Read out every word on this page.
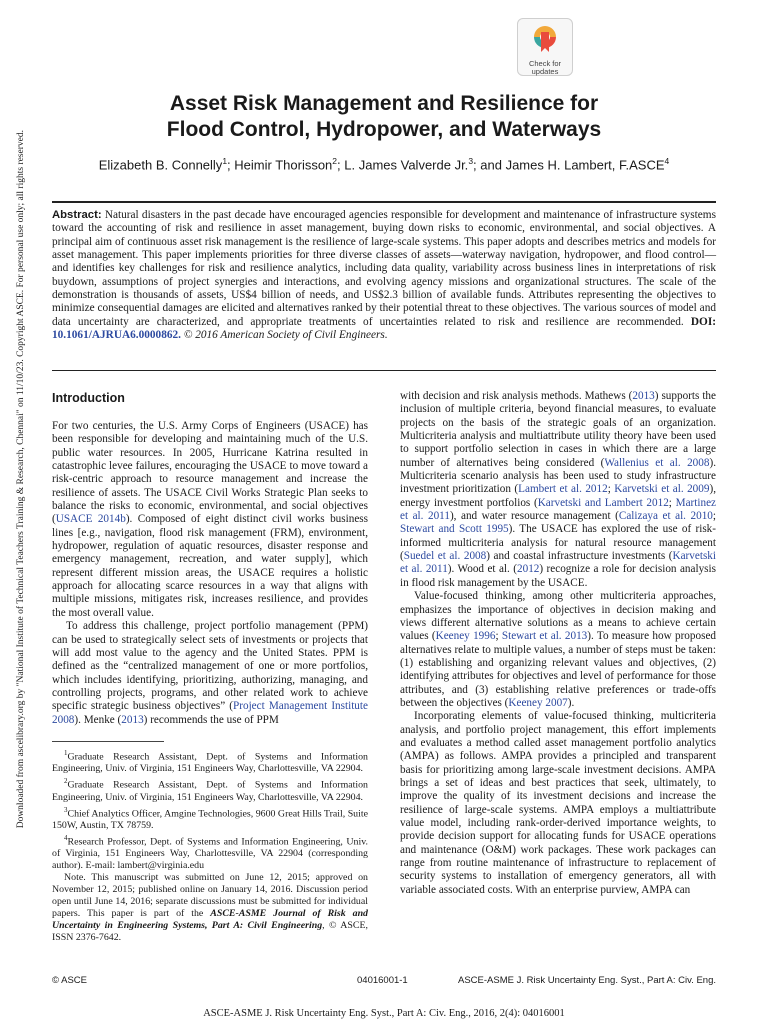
Downloaded from ascelibrary.org by "National Institute of Technical Teachers Training & Research, Chennai" on 11/10/23. Copyright ASCE. For personal use only; all rights reserved.
Check for
updates
Asset Risk Management and Resilience for
Flood Control, Hydropower, and Waterways
Elizabeth B. Connelly$^1$; Heimir Thorisson$^2$; L. James Valverde Jr.$^3$; and James H. Lambert, F.ASCE$^4$

Abstract: Natural disasters in the past decade have encouraged agencies responsible for development and maintenance of infrastructure systems toward the accounting of risk and resilience in asset management, buying down risks to economic, environmental, and social objectives. A principal aim of continuous asset risk management is the resilience of large-scale systems. This paper adopts and describes metrics and models for asset management. This paper implements priorities for three diverse classes of assets—waterway navigation, hydropower, and flood control—and identifies key challenges for risk and resilience analytics, including data quality, variability across business lines in interpretations of risk buydown, assumptions of project synergies and interactions, and evolving agency missions and organizational structures. The scale of the demonstration is thousands of assets, US$4 billion of needs, and US$2.3 billion of available funds. Attributes representing the objectives to minimize consequential damages are elicited and alternatives ranked by their potential threat to these objectives. The various sources of model and data uncertainty are characterized, and appropriate treatments of uncertainties related to risk and resilience are recommended. DOI: 10.1061/AJRUA6.0000862. © 2016 American Society of Civil Engineers.

Introduction

For two centuries, the U.S. Army Corps of Engineers (USACE) has been responsible for developing and maintaining much of the U.S. public water resources. In 2005, Hurricane Katrina resulted in catastrophic levee failures, encouraging the USACE to move toward a risk-centric approach to resource management and increase the resilience of assets. The USACE Civil Works Strategic Plan seeks to balance the risks to economic, environmental, and social objectives (USACE 2014b). Composed of eight distinct civil works business lines [e.g., navigation, flood risk management (FRM), environment, hydropower, regulation of aquatic resources, disaster response and emergency management, recreation, and water supply], which represent different mission areas, the USACE requires a holistic approach for allocating scarce resources in a way that aligns with multiple missions, mitigates risk, increases resilience, and provides the most overall value.

To address this challenge, project portfolio management (PPM) can be used to strategically select sets of investments or projects that will add most value to the agency and the United States. PPM is defined as the “centralized management of one or more portfolios, which includes identifying, prioritizing, authorizing, managing, and controlling projects, programs, and other related work to achieve specific strategic business objectives” (Project Management Institute 2008). Menke (2013) recommends the use of PPM

$^1$Graduate Research Assistant, Dept. of Systems and Information Engineering, Univ. of Virginia, 151 Engineers Way, Charlottesville, VA 22904.

$^2$Graduate Research Assistant, Dept. of Systems and Information Engineering, Univ. of Virginia, 151 Engineers Way, Charlottesville, VA 22904.

$^3$Chief Analytics Officer, Amgine Technologies, 9600 Great Hills Trail, Suite 150W, Austin, TX 78759.

$^4$Research Professor, Dept. of Systems and Information Engineering, Univ. of Virginia, 151 Engineers Way, Charlottesville, VA 22904 (corresponding author). E-mail: lambert@virginia.edu

Note. This manuscript was submitted on June 12, 2015; approved on November 12, 2015; published online on January 14, 2016. Discussion period open until June 14, 2016; separate discussions must be submitted for individual papers. This paper is part of the ASCE-ASME Journal of Risk and Uncertainty in Engineering Systems, Part A: Civil Engineering, © ASCE, ISSN 2376-7642.

with decision and risk analysis methods. Mathews (2013) supports the inclusion of multiple criteria, beyond financial measures, to evaluate projects on the basis of the strategic goals of an organization. Multicriteria analysis and multiattribute utility theory have been used to support portfolio selection in cases in which there are a large number of alternatives being considered (Wallenius et al. 2008). Multicriteria scenario analysis has been used to study infrastructure investment prioritization (Lambert et al. 2012; Karvetski et al. 2009), energy investment portfolios (Karvetski and Lambert 2012; Martinez et al. 2011), and water resource management (Calizaya et al. 2010; Stewart and Scott 1995). The USACE has explored the use of risk-informed multicriteria analysis for natural resource management (Suedel et al. 2008) and coastal infrastructure investments (Karvetski et al. 2011). Wood et al. (2012) recognize a role for decision analysis in flood risk management by the USACE.

Value-focused thinking, among other multicriteria approaches, emphasizes the importance of objectives in decision making and views different alternative solutions as a means to achieve certain values (Keeney 1996; Stewart et al. 2013). To measure how proposed alternatives relate to multiple values, a number of steps must be taken: (1) establishing and organizing relevant values and objectives, (2) identifying attributes for objectives and level of performance for those attributes, and (3) establishing relative preferences or trade-offs between the objectives (Keeney 2007).

Incorporating elements of value-focused thinking, multicriteria analysis, and portfolio project management, this effort implements and evaluates a method called asset management portfolio analytics (AMPA) as follows. AMPA provides a principled and transparent basis for prioritizing among large-scale investment decisions. AMPA brings a set of ideas and best practices that seek, ultimately, to improve the quality of its investment decisions and increase the resilience of large-scale systems. AMPA employs a multiattribute value model, including rank-order-derived importance weights, to provide decision support for allocating funds for USACE operations and maintenance (O&M) work packages. These work packages can range from routine maintenance of infrastructure to replacement of security systems to installation of emergency generators, all with variable associated costs. With an enterprise purview, AMPA can

© ASCE	04016001-1	ASCE-ASME J. Risk Uncertainty Eng. Syst., Part A: Civ. Eng.
ASCE-ASME J. Risk Uncertainty Eng. Syst., Part A: Civ. Eng., 2016, 2(4): 04016001
